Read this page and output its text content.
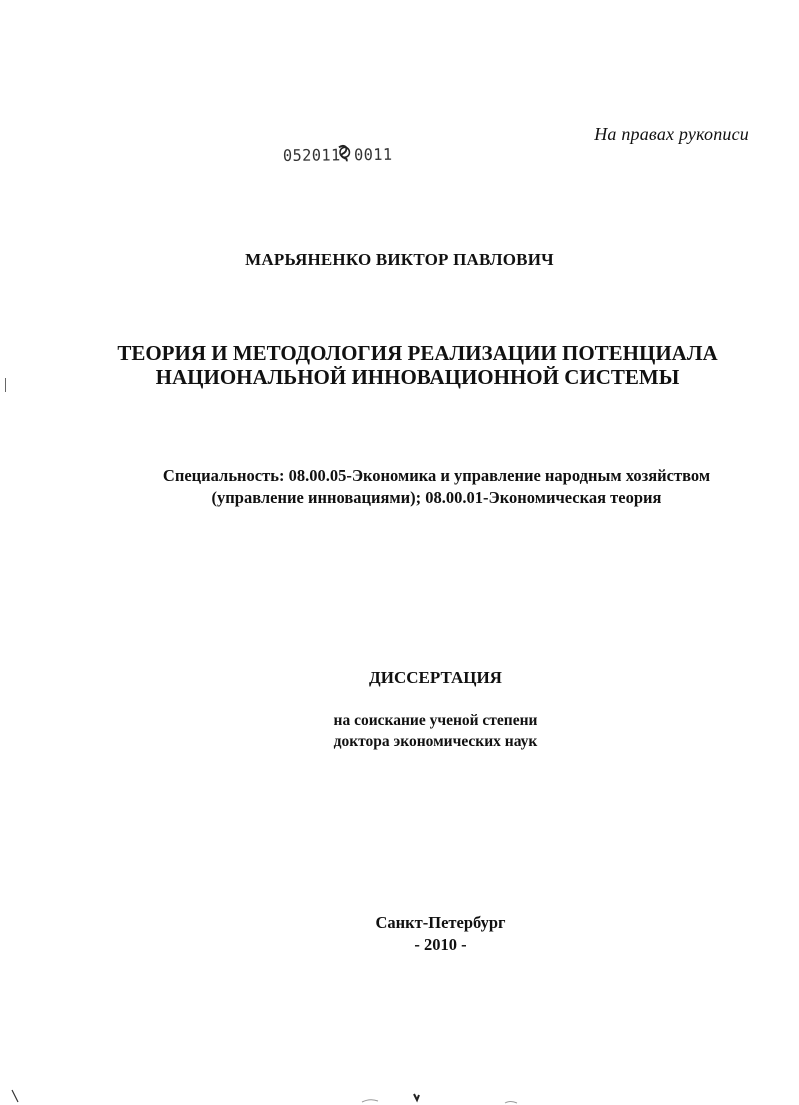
На правах рукописи
052011 0011
МАРЬЯНЕНКО ВИКТОР ПАВЛОВИЧ
ТЕОРИЯ И МЕТОДОЛОГИЯ РЕАЛИЗАЦИИ ПОТЕНЦИАЛА
НАЦИОНАЛЬНОЙ ИННОВАЦИОННОЙ СИСТЕМЫ
Специальность: 08.00.05-Экономика и управление народным хозяйством
(управление инновациями); 08.00.01-Экономическая теория
ДИССЕРТАЦИЯ
на соискание ученой степени
доктора экономических наук
Санкт-Петербург
- 2010 -
